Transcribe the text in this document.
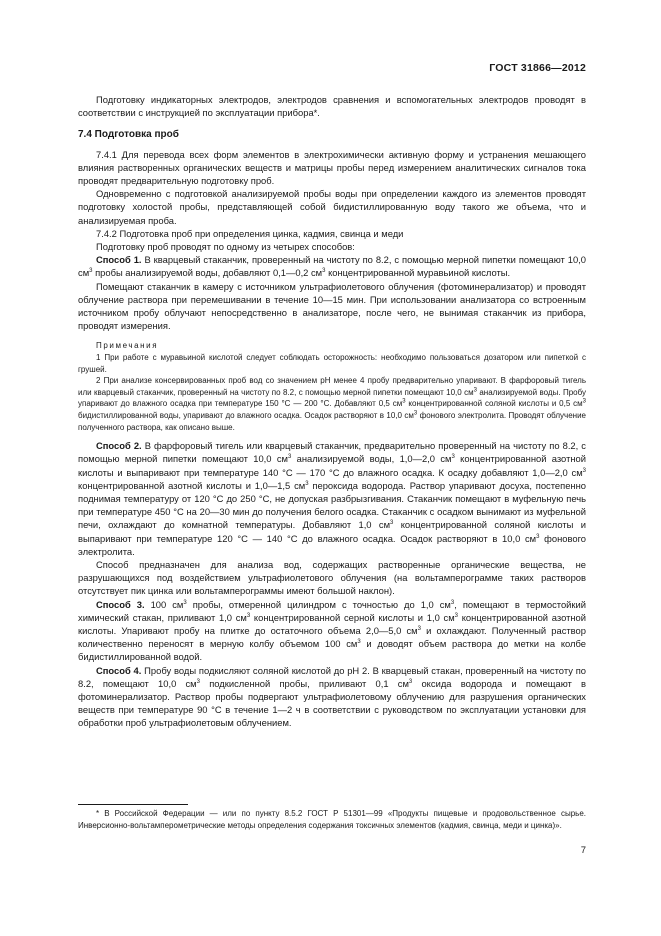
ГОСТ 31866—2012

Подготовку индикаторных электродов, электродов сравнения и вспомогательных электродов проводят в соответствии с инструкцией по эксплуатации прибора*.

7.4 Подготовка проб

7.4.1 Для перевода всех форм элементов в электрохимически активную форму и устранения мешающего влияния растворенных органических веществ и матрицы пробы перед измерением аналитических сигналов тока проводят предварительную подготовку проб.

Одновременно с подготовкой анализируемой пробы воды при определении каждого из элементов проводят подготовку холостой пробы, представляющей собой бидистиллированную воду такого же объема, что и анализируемая проба.

7.4.2 Подготовка проб при определения цинка, кадмия, свинца и меди

Подготовку проб проводят по одному из четырех способов:

Способ 1. В кварцевый стаканчик, проверенный на чистоту по 8.2, с помощью мерной пипетки помещают 10,0 $см^3$ пробы анализируемой воды, добавляют 0,1—0,2 $см^3$ концентрированной муравьиной кислоты.

Помещают стаканчик в камеру с источником ультрафиолетового облучения (фотоминерализатор) и проводят облучение раствора при перемешивании в течение 10—15 мин. При использовании анализатора со встроенным источником пробу облучают непосредственно в анализаторе, после чего, не вынимая стаканчик из прибора, проводят измерения.

Примечания

1 При работе с муравьиной кислотой следует соблюдать осторожность: необходимо пользоваться дозатором или пипеткой с грушей.

2 При анализе консервированных проб вод со значением pH менее 4 пробу предварительно упаривают. В фарфоровый тигель или кварцевый стаканчик, проверенный на чистоту по 8.2, с помощью мерной пипетки помещают 10,0 $см^3$ анализируемой воды. Пробу упаривают до влажного осадка при температуре 150 °С — 200 °С. Добавляют 0,5 $см^3$ концентрированной соляной кислоты и 0,5 $см^3$ бидистиллированной воды, упаривают до влажного осадка. Осадок растворяют в 10,0 $см^3$ фонового электролита. Проводят облучение полученного раствора, как описано выше.

Способ 2. В фарфоровый тигель или кварцевый стаканчик, предварительно проверенный на чистоту по 8.2, с помощью мерной пипетки помещают 10,0 $см^3$ анализируемой воды, 1,0—2,0 $см^3$ концентрированной азотной кислоты и выпаривают при температуре 140 °С — 170 °С до влажного осадка. К осадку добавляют 1,0—2,0 $см^3$ концентрированной азотной кислоты и 1,0—1,5 $см^3$ пероксида водорода. Раствор упаривают досуха, постепенно поднимая температуру от 120 °С до 250 °С, не допуская разбрызгивания. Стаканчик помещают в муфельную печь при температуре 450 °С на 20—30 мин до получения белого осадка. Стаканчик с осадком вынимают из муфельной печи, охлаждают до комнатной температуры. Добавляют 1,0 $см^3$ концентрированной соляной кислоты и выпаривают при температуре 120 °С — 140 °С до влажного осадка. Осадок растворяют в 10,0 $см^3$ фонового электролита.

Способ предназначен для анализа вод, содержащих растворенные органические вещества, не разрушающихся под воздействием ультрафиолетового облучения (на вольтамперограмме таких растворов отсутствует пик цинка или вольтамперограммы имеют большой наклон).

Способ 3. 100 $см^3$ пробы, отмеренной цилиндром с точностью до 1,0 $см^3$, помещают в термостойкий химический стакан, приливают 1,0 $см^3$ концентрированной серной кислоты и 1,0 $см^3$ концентрированной азотной кислоты. Упаривают пробу на плитке до остаточного объема 2,0—5,0 $см^3$ и охлаждают. Полученный раствор количественно переносят в мерную колбу объемом 100 $см^3$ и доводят объем раствора до метки на колбе бидистиллированной водой.

Способ 4. Пробу воды подкисляют соляной кислотой до pH 2. В кварцевый стакан, проверенный на чистоту по 8.2, помещают 10,0 $см^3$ подкисленной пробы, приливают 0,1 $см^3$ оксида водорода и помещают в фотоминерализатор. Раствор пробы подвергают ультрафиолетовому облучению для разрушения органических веществ при температуре 90 °С в течение 1—2 ч в соответствии с руководством по эксплуатации установки для обработки проб ультрафиолетовым облучением.

* В Российской Федерации — или по пункту 8.5.2 ГОСТ Р 51301—99 «Продукты пищевые и продовольственное сырье. Инверсионно-вольтамперометрические методы определения содержания токсичных элементов (кадмия, свинца, меди и цинка)».

7
